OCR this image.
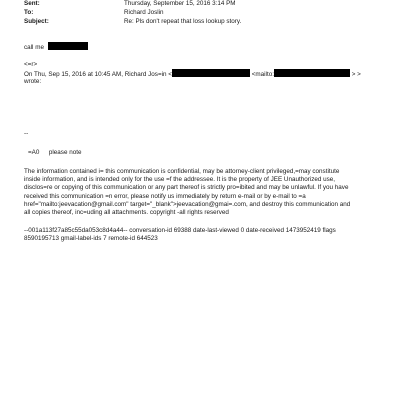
Sent:	Thursday, September 15, 2016 3:14 PM
To:	Richard Joslin
Subject:	Re: Pls don't repeat that loss lookup story.
call me
<=r>
On Thu, Sep 15, 2016 at 10:45 AM, Richard Jos=in <	<mailto:	> >
wrote:
--
=A0 please note
The information contained i= this communication is confidential, may be attorney-client privileged,=may constitute
inside information, and is intended only for the use =f the addressee. It is the property of JEE Unauthorized use,
disclos=re or copying of this communication or any part thereof is strictly pro=ibited and may be unlawful. If you have
received this communication =n error, please notify us immediately by return e-mail or by e-mail to =a
href="mailto:jeevacation@gmail.com" target="_blank">jeevacation@gmai=.com, and destroy this communication and
all copies thereof, inc=uding all attachments. copyright -all rights reserved
--001a113f27a85c55da053c8d4a44-- conversation-id 69388 date-last-viewed 0 date-received 1473952419 flags
8590195713 gmail-label-ids 7 remote-id 644523
